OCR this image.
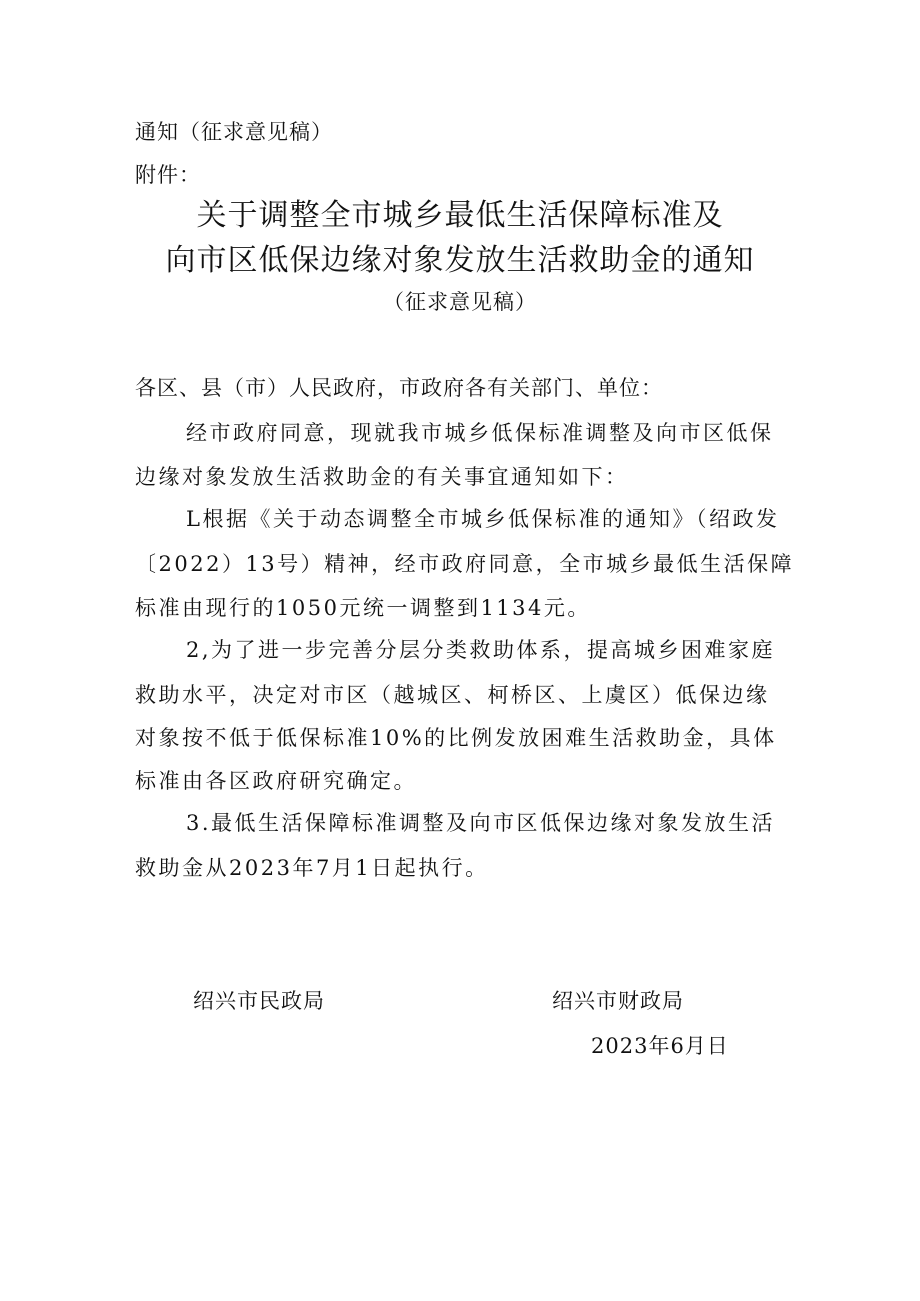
通知（征求意见稿）
附件：
关于调整全市城乡最低生活保障标准及
向市区低保边缘对象发放生活救助金的通知
（征求意见稿）
各区、县（市）人民政府，市政府各有关部门、单位：
经市政府同意，现就我市城乡低保标准调整及向市区低保
边缘对象发放生活救助金的有关事宜通知如下：
L根据《关于动态调整全市城乡低保标准的通知》（绍政发
〔2022）13号）精神，经市政府同意，全市城乡最低生活保障
标准由现行的1050元统一调整到1134元。
2,为了进一步完善分层分类救助体系，提高城乡困难家庭
救助水平，决定对市区（越城区、柯桥区、上虞区）低保边缘
对象按不低于低保标准10%的比例发放困难生活救助金，具体
标准由各区政府研究确定。
3.最低生活保障标准调整及向市区低保边缘对象发放生活
救助金从2023年7月1日起执行。
绍兴市民政局	绍兴市财政局
2023年6月日
